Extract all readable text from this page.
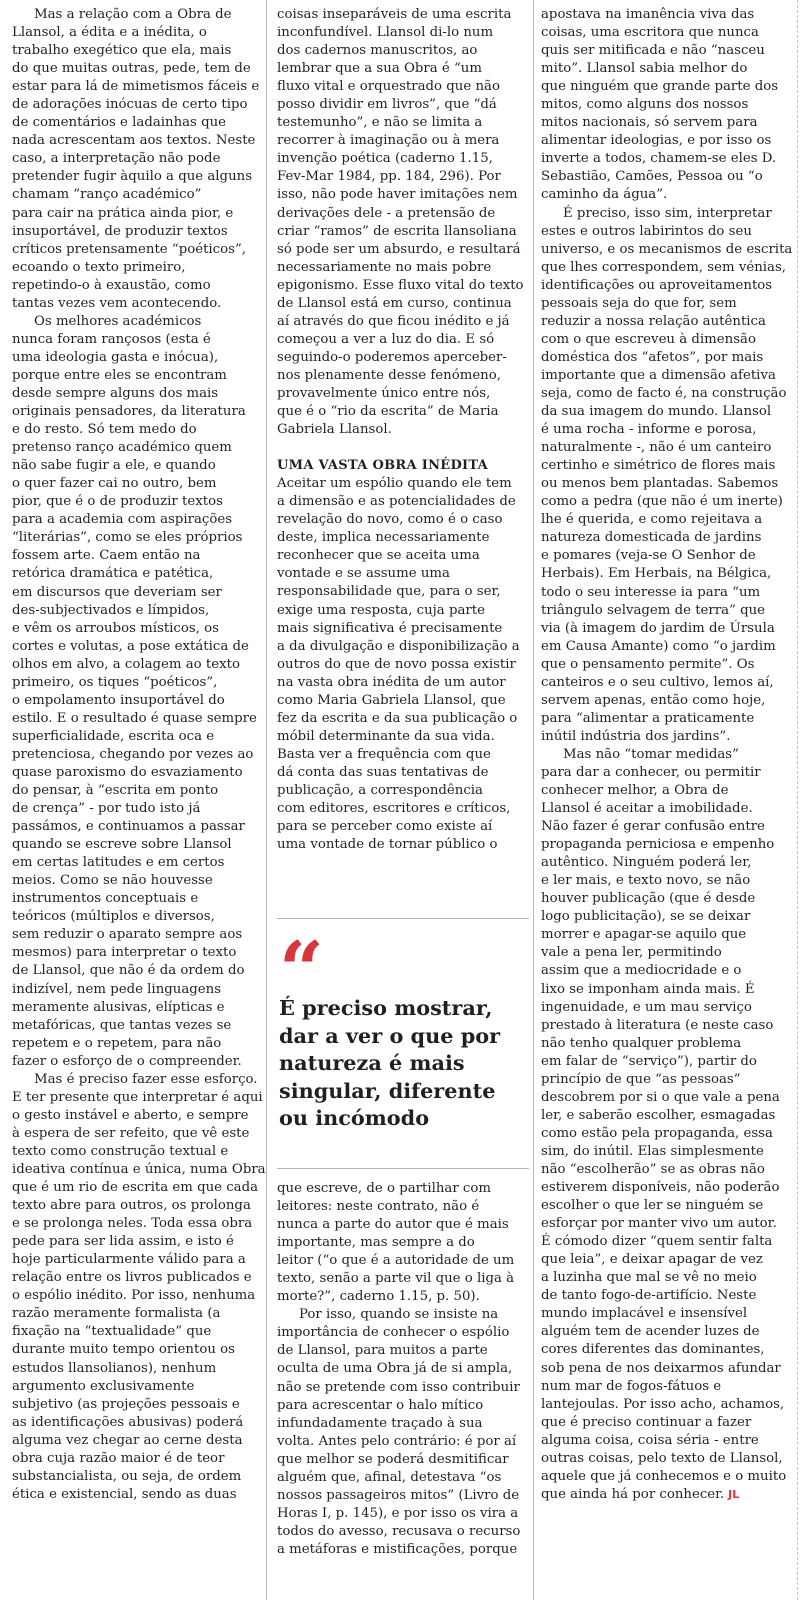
Mas a relação com a Obra de
Llansol, a édita e a inédita, o
trabalho exegético que ela, mais
do que muitas outras, pede, tem de
estar para lá de mimetismos fáceis e
de adorações inócuas de certo tipo
de comentários e ladainhas que
nada acrescentam aos textos. Neste
caso, a interpretação não pode
pretender fugir àquilo a que alguns
chamam “ranço académico”
para cair na prática ainda pior, e
insuportável, de produzir textos
críticos pretensamente “poéticos”,
ecoando o texto primeiro,
repetindo-o à exaustão, como
tantas vezes vem acontecendo.
Os melhores académicos
nunca foram rançosos (esta é
uma ideologia gasta e inócua),
porque entre eles se encontram
desde sempre alguns dos mais
originais pensadores, da literatura
e do resto. Só tem medo do
pretenso ranço académico quem
não sabe fugir a ele, e quando
o quer fazer cai no outro, bem
pior, que é o de produzir textos
para a academia com aspirações
“literárias”, como se eles próprios
fossem arte. Caem então na
retórica dramática e patética,
em discursos que deveriam ser
des-subjectivados e límpidos,
e vêm os arroubos místicos, os
cortes e volutas, a pose extática de
olhos em alvo, a colagem ao texto
primeiro, os tiques “poéticos”,
o empolamento insuportável do
estilo. E o resultado é quase sempre
superficialidade, escrita oca e
pretenciosa, chegando por vezes ao
quase paroxismo do esvaziamento
do pensar, à “escrita em ponto
de crença” - por tudo isto já
passámos, e continuamos a passar
quando se escreve sobre Llansol
em certas latitudes e em certos
meios. Como se não houvesse
instrumentos conceptuais e
teóricos (múltiplos e diversos,
sem reduzir o aparato sempre aos
mesmos) para interpretar o texto
de Llansol, que não é da ordem do
indizível, nem pede linguagens
meramente alusivas, elípticas e
metafóricas, que tantas vezes se
repetem e o repetem, para não
fazer o esforço de o compreender.
Mas é preciso fazer esse esforço.
E ter presente que interpretar é aqui
o gesto instável e aberto, e sempre
à espera de ser refeito, que vê este
texto como construção textual e
ideativa contínua e única, numa Obra
que é um rio de escrita em que cada
texto abre para outros, os prolonga
e se prolonga neles. Toda essa obra
pede para ser lida assim, e isto é
hoje particularmente válido para a
relação entre os livros publicados e
o espólio inédito. Por isso, nenhuma
razão meramente formalista (a
fixação na “textualidade” que
durante muito tempo orientou os
estudos llansolianos), nenhum
argumento exclusivamente
subjetivo (as projeções pessoais e
as identificações abusivas) poderá
alguma vez chegar ao cerne desta
obra cuja razão maior é de teor
substancialista, ou seja, de ordem
ética e existencial, sendo as duas
coisas inseparáveis de uma escrita
inconfundível. Llansol di-lo num
dos cadernos manuscritos, ao
lembrar que a sua Obra é “um
fluxo vital e orquestrado que não
posso dividir em livros”, que “dá
testemunho”, e não se limita a
recorrer à imaginação ou à mera
invenção poética (caderno 1.15,
Fev-Mar 1984, pp. 184, 296). Por
isso, não pode haver imitações nem
derivações dele - a pretensão de
criar “ramos” de escrita llansoliana
só pode ser um absurdo, e resultará
necessariamente no mais pobre
epigonismo. Esse fluxo vital do texto
de Llansol está em curso, continua
aí através do que ficou inédito e já
começou a ver a luz do dia. E só
seguindo-o poderemos aperceber-
nos plenamente desse fenómeno,
provavelmente único entre nós,
que é o “rio da escrita” de Maria
Gabriela Llansol.
UMA VASTA OBRA INÉDITA
Aceitar um espólio quando ele tem
a dimensão e as potencialidades de
revelação do novo, como é o caso
deste, implica necessariamente
reconhecer que se aceita uma
vontade e se assume uma
responsabilidade que, para o ser,
exige uma resposta, cuja parte
mais significativa é precisamente
a da divulgação e disponibilização a
outros do que de novo possa existir
na vasta obra inédita de um autor
como Maria Gabriela Llansol, que
fez da escrita e da sua publicação o
móbil determinante da sua vida.
Basta ver a frequência com que
dá conta das suas tentativas de
publicação, a correspondência
com editores, escritores e críticos,
para se perceber como existe aí
uma vontade de tornar público o
“
É preciso mostrar, dar a ver o que por natureza é mais singular, diferente ou incómodo
que escreve, de o partilhar com
leitores: neste contrato, não é
nunca a parte do autor que é mais
importante, mas sempre a do
leitor (“o que é a autoridade de um
texto, senão a parte vil que o liga à
morte?”, caderno 1.15, p. 50).
Por isso, quando se insiste na
importância de conhecer o espólio
de Llansol, para muitos a parte
oculta de uma Obra já de si ampla,
não se pretende com isso contribuir
para acrescentar o halo mítico
infundadamente traçado à sua
volta. Antes pelo contrário: é por aí
que melhor se poderá desmitificar
alguém que, afinal, detestava “os
nossos passageiros mitos” (Livro de
Horas I, p. 145), e por isso os vira a
todos do avesso, recusava o recurso
a metáforas e mistificações, porque
apostava na imanência viva das
coisas, uma escritora que nunca
quis ser mitificada e não “nasceu
mito”. Llansol sabia melhor do
que ninguém que grande parte dos
mitos, como alguns dos nossos
mitos nacionais, só servem para
alimentar ideologias, e por isso os
inverte a todos, chamem-se eles D.
Sebastião, Camões, Pessoa ou “o
caminho da água”.
É preciso, isso sim, interpretar
estes e outros labirintos do seu
universo, e os mecanismos de escrita
que lhes correspondem, sem vénias,
identificações ou aproveitamentos
pessoais seja do que for, sem
reduzir a nossa relação autêntica
com o que escreveu à dimensão
doméstica dos “afetos”, por mais
importante que a dimensão afetiva
seja, como de facto é, na construção
da sua imagem do mundo. Llansol
é uma rocha - informe e porosa,
naturalmente -, não é um canteiro
certinho e simétrico de flores mais
ou menos bem plantadas. Sabemos
como a pedra (que não é um inerte)
lhe é querida, e como rejeitava a
natureza domesticada de jardins
e pomares (veja-se O Senhor de
Herbais). Em Herbais, na Bélgica,
todo o seu interesse ia para “um
triângulo selvagem de terra” que
via (à imagem do jardim de Úrsula
em Causa Amante) como “o jardim
que o pensamento permite”. Os
canteiros e o seu cultivo, lemos aí,
servem apenas, então como hoje,
para “alimentar a praticamente
inútil indústria dos jardins”.
Mas não “tomar medidas”
para dar a conhecer, ou permitir
conhecer melhor, a Obra de
Llansol é aceitar a imobilidade.
Não fazer é gerar confusão entre
propaganda perniciosa e empenho
autêntico. Ninguém poderá ler,
e ler mais, e texto novo, se não
houver publicação (que é desde
logo publicitação), se se deixar
morrer e apagar-se aquilo que
vale a pena ler, permitindo
assim que a mediocridade e o
lixo se imponham ainda mais. É
ingenuidade, e um mau serviço
prestado à literatura (e neste caso
não tenho qualquer problema
em falar de “serviço”), partir do
princípio de que “as pessoas”
descobrem por si o que vale a pena
ler, e saberão escolher, esmagadas
como estão pela propaganda, essa
sim, do inútil. Elas simplesmente
não “escolherão” se as obras não
estiverem disponíveis, não poderão
escolher o que ler se ninguém se
esforçar por manter vivo um autor.
É cómodo dizer “quem sentir falta
que leia”, e deixar apagar de vez
a luzinha que mal se vê no meio
de tanto fogo-de-artifício. Neste
mundo implacável e insensível
alguém tem de acender luzes de
cores diferentes das dominantes,
sob pena de nos deixarmos afundar
num mar de fogos-fátuos e
lantejoulas. Por isso acho, achamos,
que é preciso continuar a fazer
alguma coisa, coisa séria - entre
outras coisas, pelo texto de Llansol,
aquele que já conhecemos e o muito
que ainda há por conhecer. JL
